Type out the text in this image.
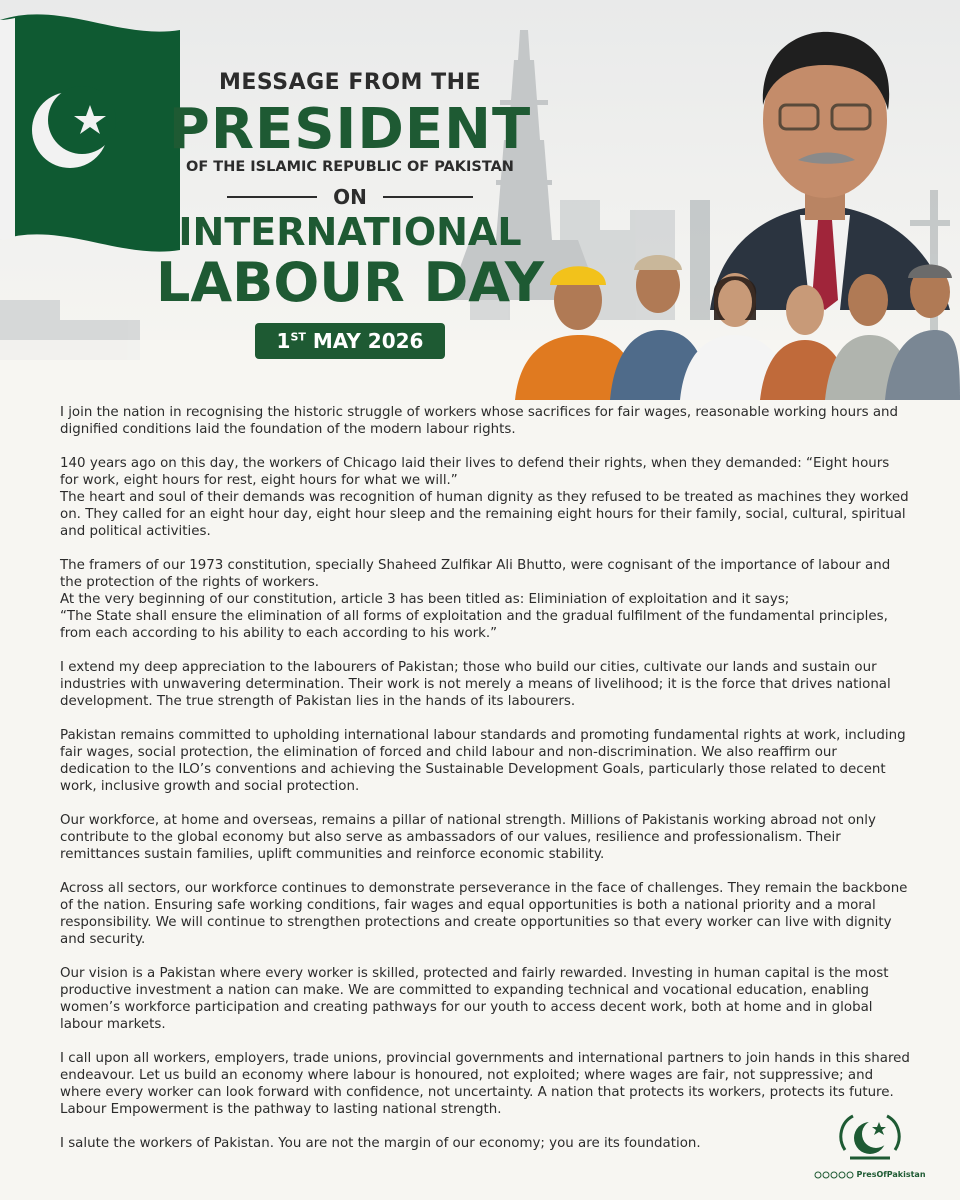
MESSAGE FROM THE
PRESIDENT
OF THE ISLAMIC REPUBLIC OF PAKISTAN
ON
INTERNATIONAL
LABOUR DAY
1ST MAY 2026

I join the nation in recognising the historic struggle of workers whose sacrifices for fair wages, reasonable working hours and dignified conditions laid the foundation of the modern labour rights.

140 years ago on this day, the workers of Chicago laid their lives to defend their rights, when they demanded: “Eight hours for work, eight hours for rest, eight hours for what we will.”
The heart and soul of their demands was recognition of human dignity as they refused to be treated as machines they worked on. They called for an eight hour day, eight hour sleep and the remaining eight hours for their family, social, cultural, spiritual and political activities.

The framers of our 1973 constitution, specially Shaheed Zulfikar Ali Bhutto, were cognisant of the importance of labour and the protection of the rights of workers.
At the very beginning of our constitution, article 3 has been titled as: Eliminiation of exploitation and it says;
“The State shall ensure the elimination of all forms of exploitation and the gradual fulfilment of the fundamental principles, from each according to his ability to each according to his work.”

I extend my deep appreciation to the labourers of Pakistan; those who build our cities, cultivate our lands and sustain our industries with unwavering determination. Their work is not merely a means of livelihood; it is the force that drives national development. The true strength of Pakistan lies in the hands of its labourers.

Pakistan remains committed to upholding international labour standards and promoting fundamental rights at work, including fair wages, social protection, the elimination of forced and child labour and non-discrimination. We also reaffirm our dedication to the ILO’s conventions and achieving the Sustainable Development Goals, particularly those related to decent work, inclusive growth and social protection.

Our workforce, at home and overseas, remains a pillar of national strength. Millions of Pakistanis working abroad not only contribute to the global economy but also serve as ambassadors of our values, resilience and professionalism. Their remittances sustain families, uplift communities and reinforce economic stability.

Across all sectors, our workforce continues to demonstrate perseverance in the face of challenges. They remain the backbone of the nation. Ensuring safe working conditions, fair wages and equal opportunities is both a national priority and a moral responsibility. We will continue to strengthen protections and create opportunities so that every worker can live with dignity and security.

Our vision is a Pakistan where every worker is skilled, protected and fairly rewarded. Investing in human capital is the most productive investment a nation can make. We are committed to expanding technical and vocational education, enabling women’s workforce participation and creating pathways for our youth to access decent work, both at home and in global labour markets.

I call upon all workers, employers, trade unions, provincial governments and international partners to join hands in this shared endeavour. Let us build an economy where labour is honoured, not exploited; where wages are fair, not suppressive; and where every worker can look forward with confidence, not uncertainty. A nation that protects its workers, protects its future. Labour Empowerment is the pathway to lasting national strength.

I salute the workers of Pakistan. You are not the margin of our economy; you are its foundation.

PresOfPakistan
